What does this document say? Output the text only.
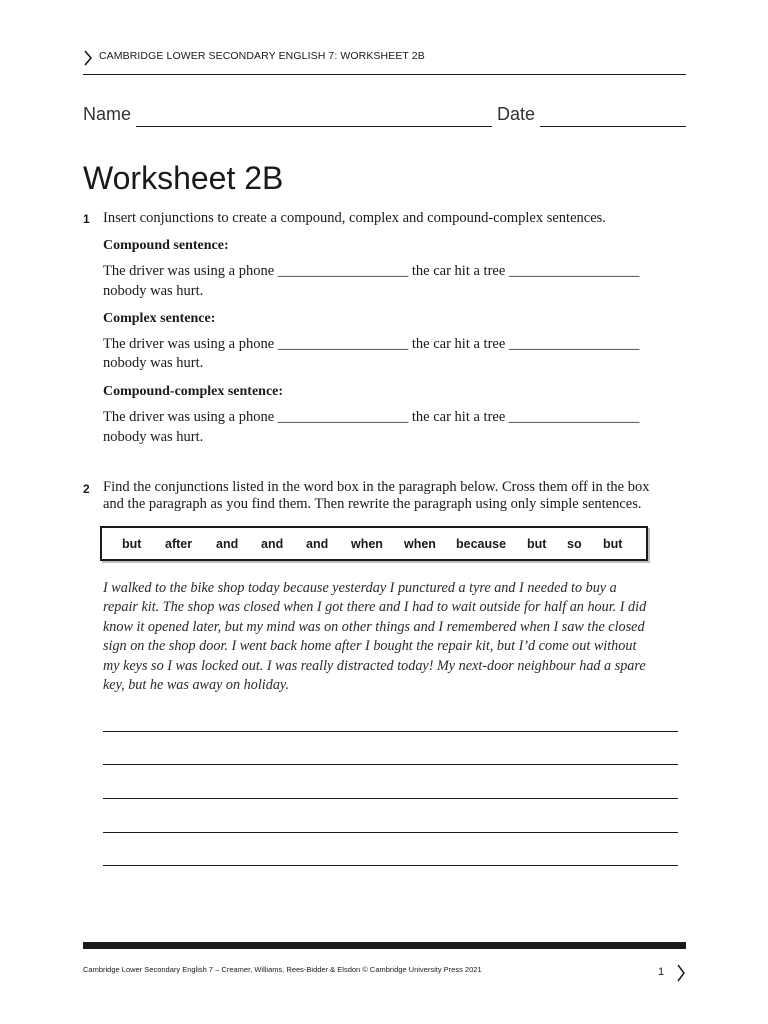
CAMBRIDGE LOWER SECONDARY ENGLISH 7: WORKSHEET 2B
Name	Date
Worksheet 2B
1 Insert conjunctions to create a compound, complex and compound-complex sentences.
Compound sentence:
The driver was using a phone __________________ the car hit a tree __________________
nobody was hurt.
Complex sentence:
The driver was using a phone __________________ the car hit a tree __________________
nobody was hurt.
Compound-complex sentence:
The driver was using a phone __________________ the car hit a tree __________________
nobody was hurt.
2 Find the conjunctions listed in the word box in the paragraph below. Cross them off in the box
and the paragraph as you find them. Then rewrite the paragraph using only simple sentences.
but after and and and when when because but so but
I walked to the bike shop today because yesterday I punctured a tyre and I needed to buy a repair kit. The shop was closed when I got there and I had to wait outside for half an hour. I did know it opened later, but my mind was on other things and I remembered when I saw the closed sign on the shop door. I went back home after I bought the repair kit, but I’d come out without my keys so I was locked out. I was really distracted today! My next-door neighbour had a spare key, but he was away on holiday.
Cambridge Lower Secondary English 7 – Creamer, Williams, Rees-Bidder & Elsdon © Cambridge University Press 2021	1
